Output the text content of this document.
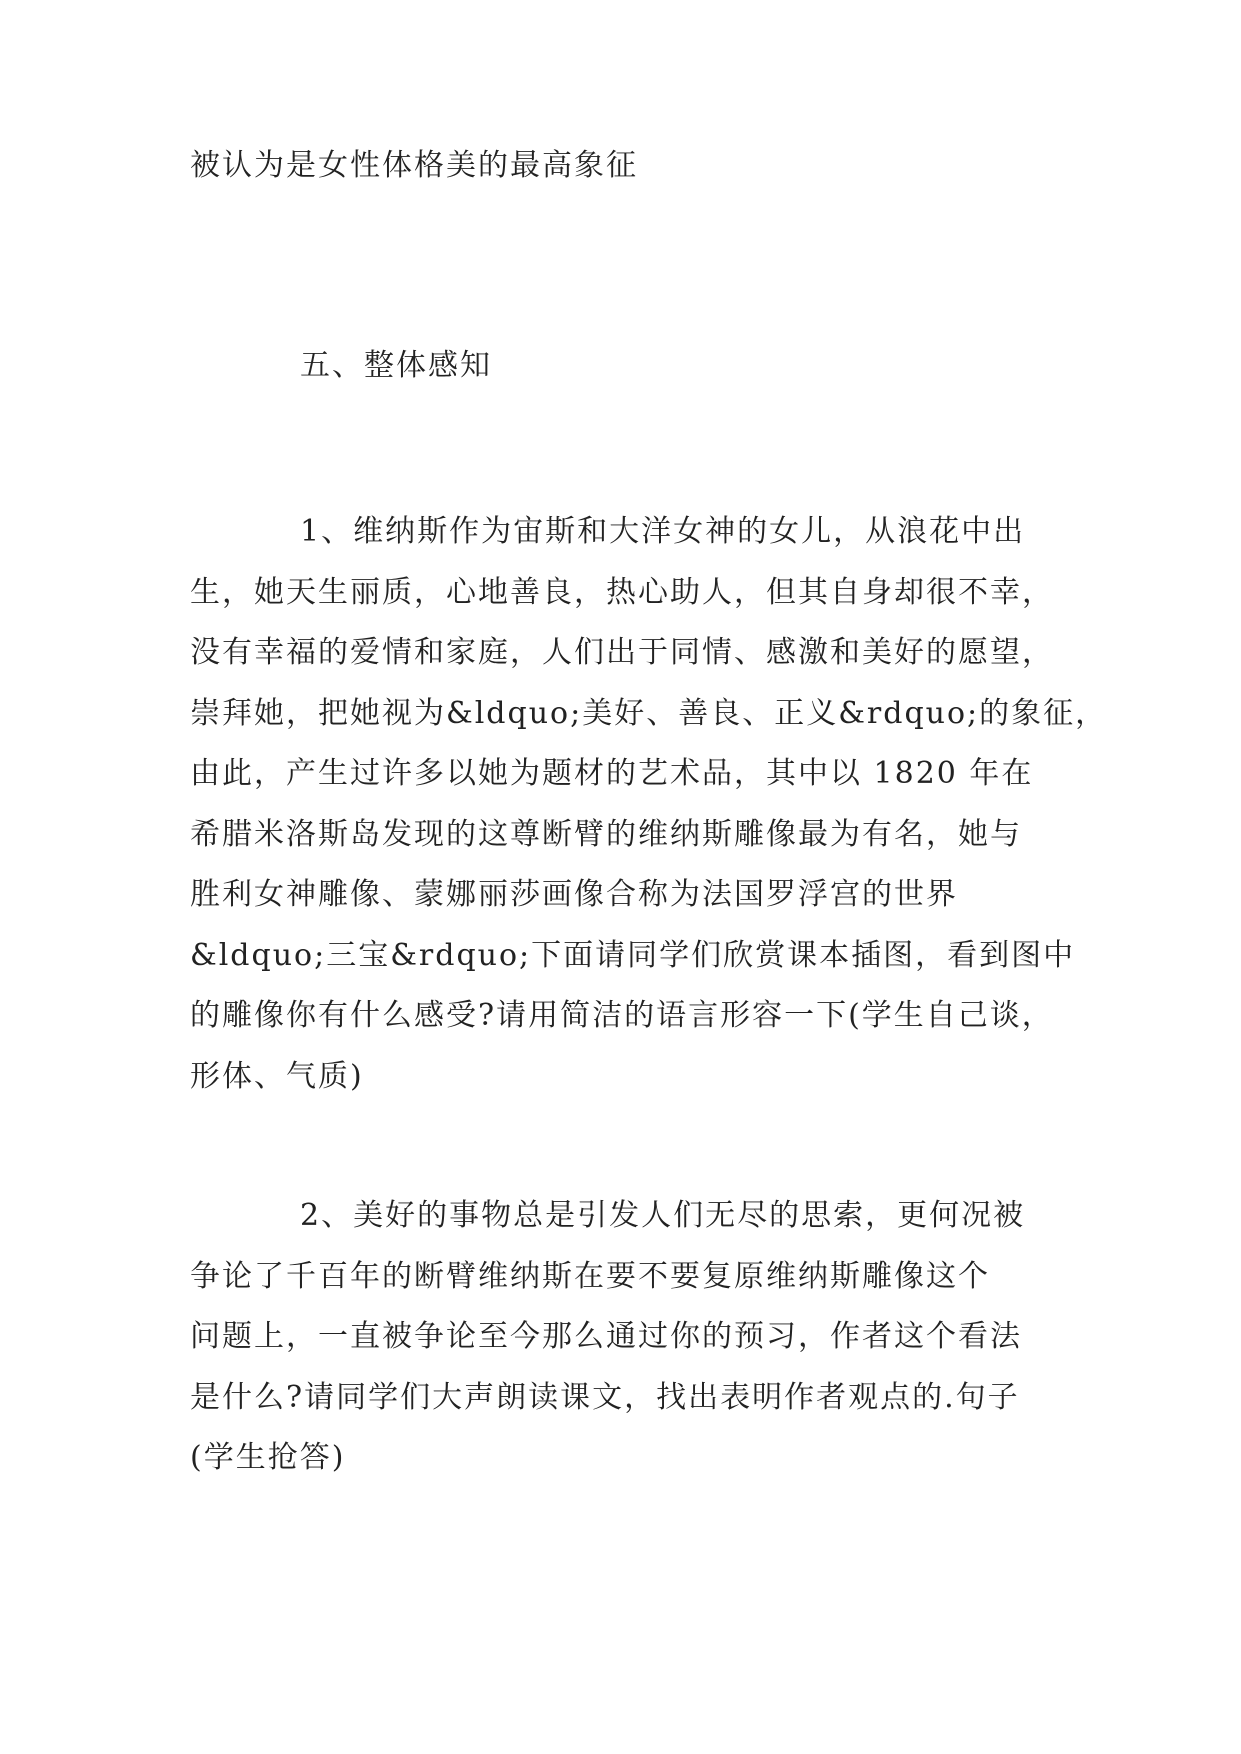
被认为是女性体格美的最高象征
五、整体感知
1、维纳斯作为宙斯和大洋女神的女儿，从浪花中出
生，她天生丽质，心地善良，热心助人，但其自身却很不幸，
没有幸福的爱情和家庭，人们出于同情、感激和美好的愿望，
崇拜她，把她视为&ldquo;美好、善良、正义&rdquo;的象征，
由此，产生过许多以她为题材的艺术品，其中以 1820 年在
希腊米洛斯岛发现的这尊断臂的维纳斯雕像最为有名，她与
胜利女神雕像、蒙娜丽莎画像合称为法国罗浮宫的世界
&ldquo;三宝&rdquo;下面请同学们欣赏课本插图，看到图中
的雕像你有什么感受?请用简洁的语言形容一下(学生自己谈，
形体、气质)
2、美好的事物总是引发人们无尽的思索，更何况被
争论了千百年的断臂维纳斯在要不要复原维纳斯雕像这个
问题上，一直被争论至今那么通过你的预习，作者这个看法
是什么?请同学们大声朗读课文，找出表明作者观点的.句子
(学生抢答)
